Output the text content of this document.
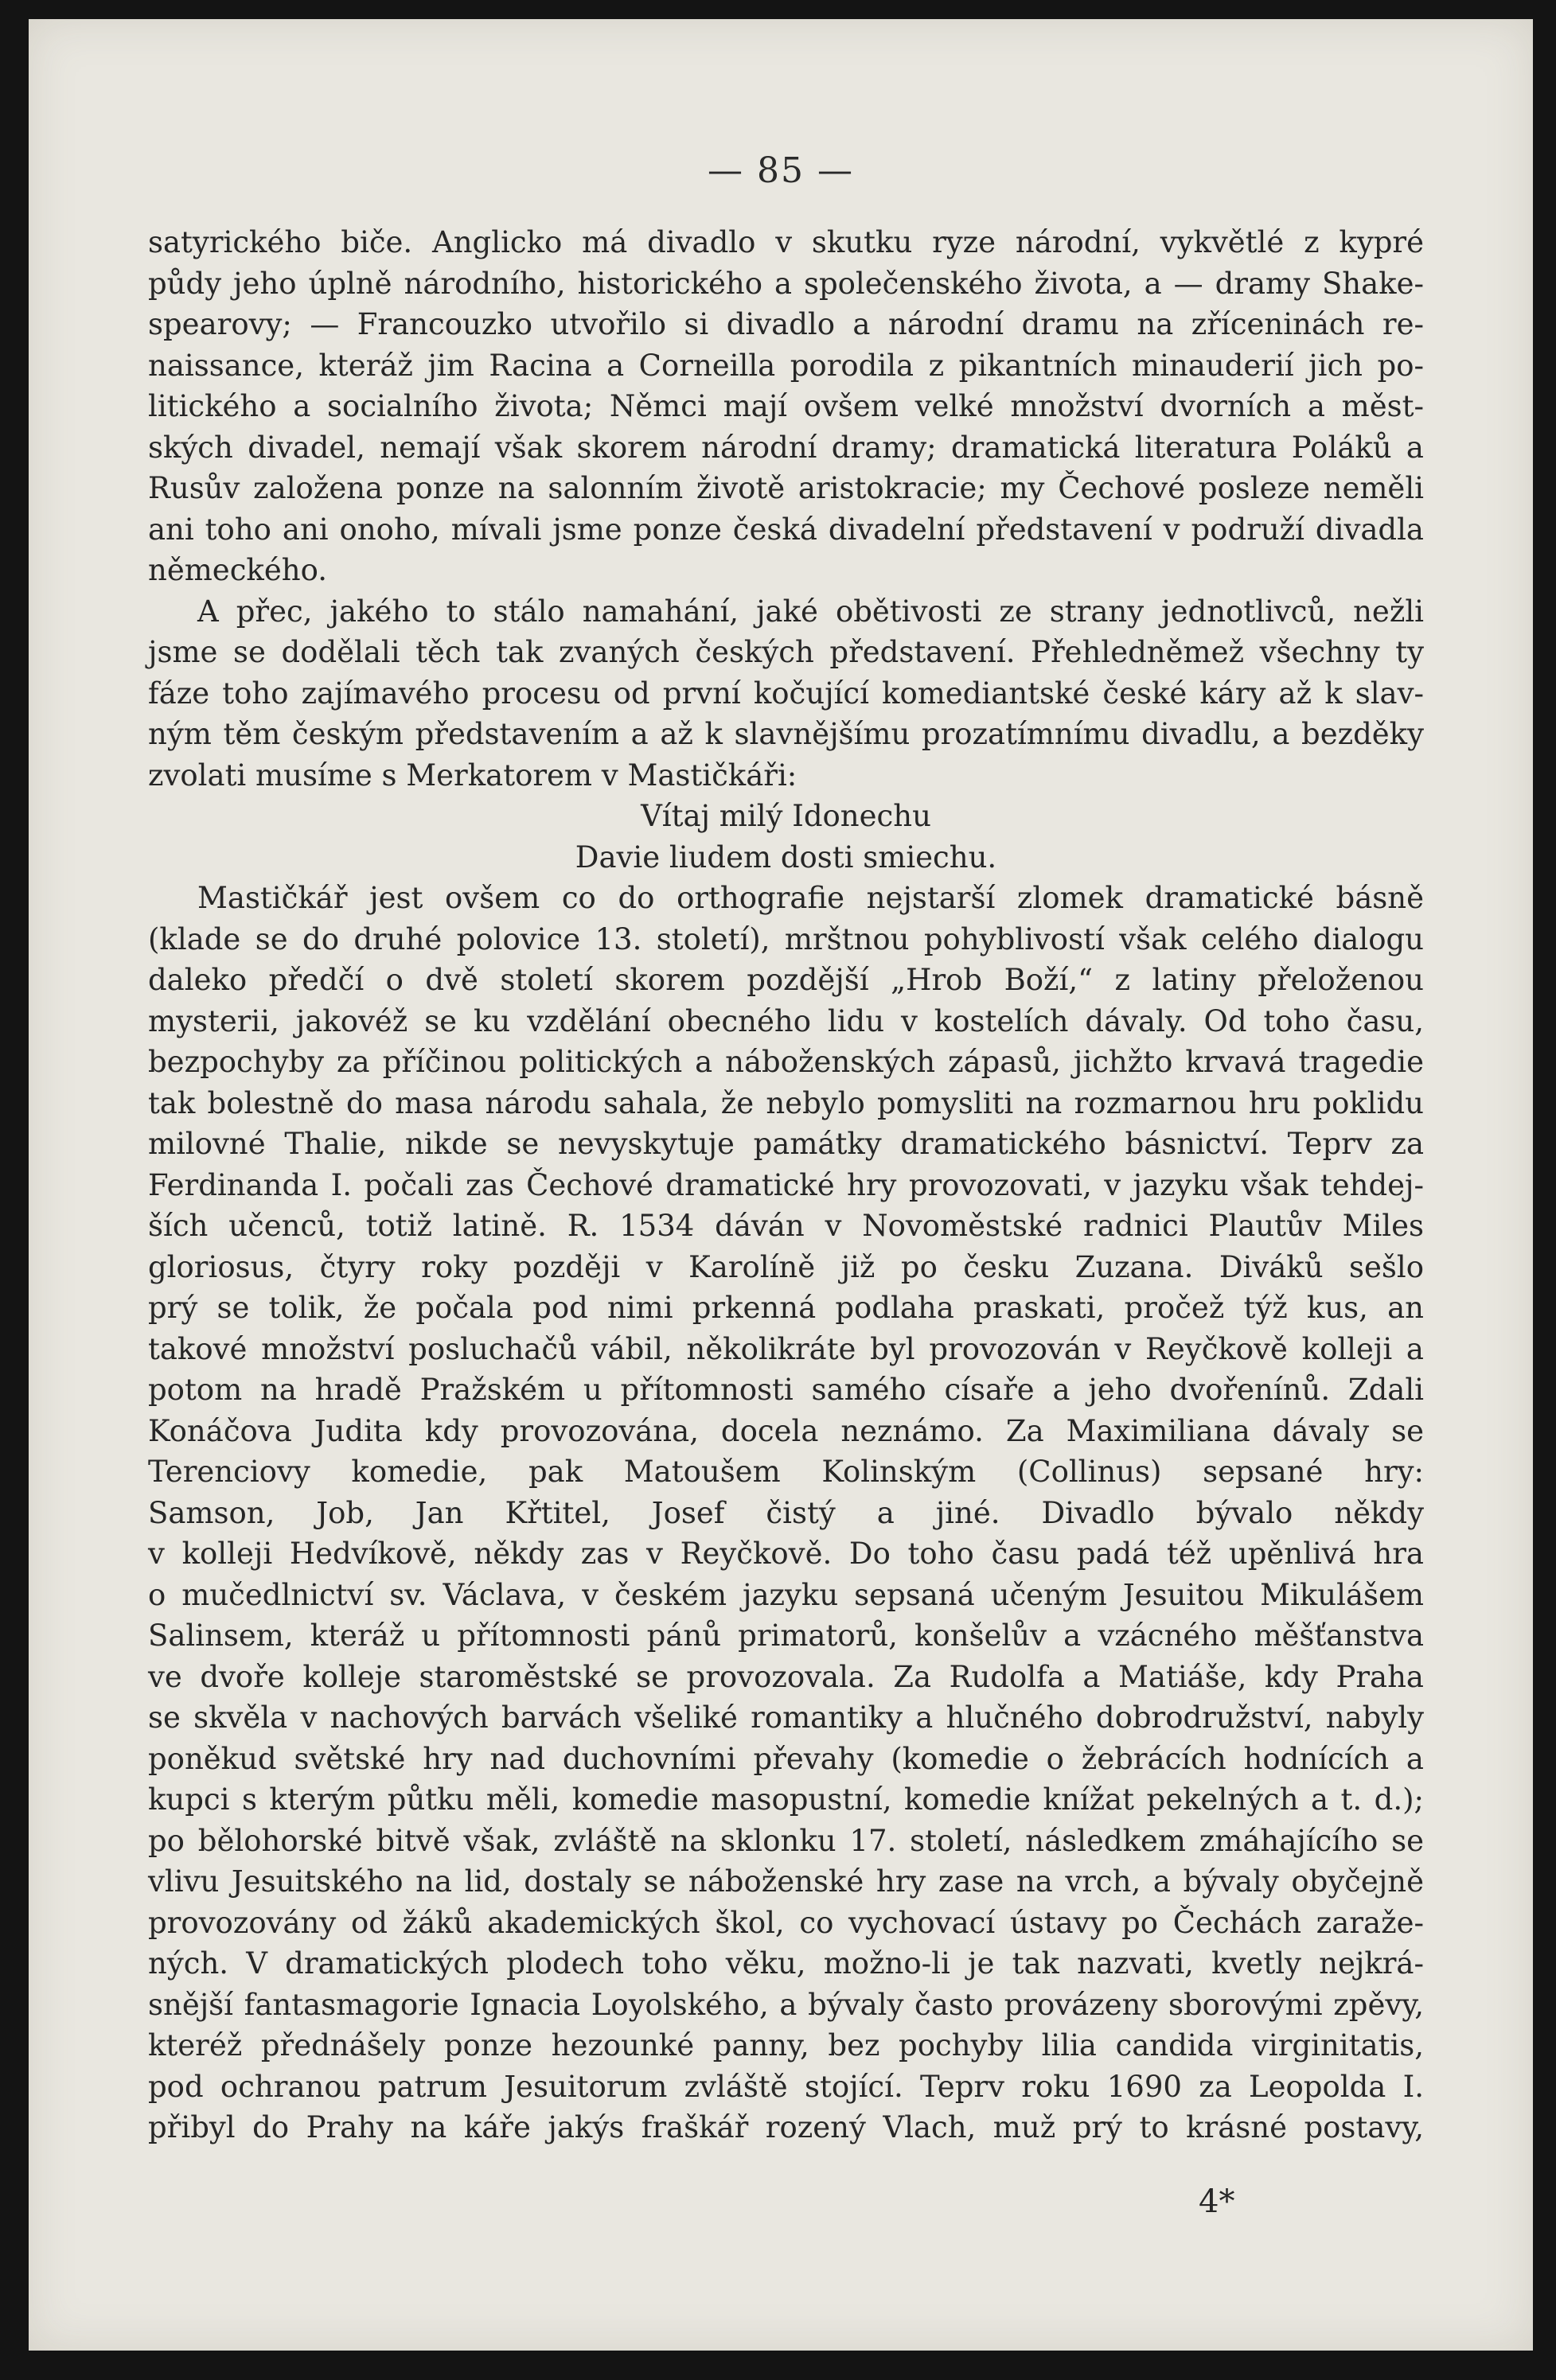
— 85 —
satyrického biče. Anglicko má divadlo v skutku ryze národní, vykvětlé z kypré
půdy jeho úplně národního, historického a společenského života, a — dramy Shake-
spearovy; — Francouzko utvořilo si divadlo a národní dramu na zříceninách re-
naissance, kteráž jim Racina a Corneilla porodila z pikantních minauderií jich po-
litického a socialního života; Němci mají ovšem velké množství dvorních a měst-
ských divadel, nemají však skorem národní dramy; dramatická literatura Poláků a
Rusův založena ponze na salonním životě aristokracie; my Čechové posleze neměli
ani toho ani onoho, mívali jsme ponze česká divadelní představení v podruží divadla
německého.
A přec, jakého to stálo namahání, jaké obětivosti ze strany jednotlivců, nežli
jsme se dodělali těch tak zvaných českých představení. Přehledněmež všechny ty
fáze toho zajímavého procesu od první kočující komediantské české káry až k slav-
ným těm českým představením a až k slavnějšímu prozatímnímu divadlu, a bezděky
zvolati musíme s Merkatorem v Mastičkáři:
Vítaj milý Idonechu
Davie liudem dosti smiechu.
Mastičkář jest ovšem co do orthografie nejstarší zlomek dramatické básně
(klade se do druhé polovice 13. století), mrštnou pohyblivostí však celého dialogu
daleko předčí o dvě století skorem pozdější „Hrob Boží,“ z latiny přeloženou
mysterii, jakovéž se ku vzdělání obecného lidu v kostelích dávaly. Od toho času,
bezpochyby za příčinou politických a náboženských zápasů, jichžto krvavá tragedie
tak bolestně do masa národu sahala, že nebylo pomysliti na rozmarnou hru poklidu
milovné Thalie, nikde se nevyskytuje památky dramatického básnictví. Teprv za
Ferdinanda I. počali zas Čechové dramatické hry provozovati, v jazyku však tehdej-
ších učenců, totiž latině. R. 1534 dáván v Novoměstské radnici Plautův Miles
gloriosus, čtyry roky později v Karolíně již po česku Zuzana. Diváků sešlo
prý se tolik, že počala pod nimi prkenná podlaha praskati, pročež týž kus, an
takové množství posluchačů vábil, několikráte byl provozován v Reyčkově kolleji a
potom na hradě Pražském u přítomnosti samého císaře a jeho dvořenínů. Zdali
Konáčova Judita kdy provozována, docela neznámo. Za Maximiliana dávaly se
Terenciovy komedie, pak Matoušem Kolinským (Collinus) sepsané hry:
Samson, Job, Jan Křtitel, Josef čistý a jiné. Divadlo bývalo někdy
v kolleji Hedvíkově, někdy zas v Reyčkově. Do toho času padá též upěnlivá hra
o mučedlnictví sv. Václava, v českém jazyku sepsaná učeným Jesuitou Mikulášem
Salinsem, kteráž u přítomnosti pánů primatorů, konšelův a vzácného měšťanstva
ve dvoře kolleje staroměstské se provozovala. Za Rudolfa a Matiáše, kdy Praha
se skvěla v nachových barvách všeliké romantiky a hlučného dobrodružství, nabyly
poněkud světské hry nad duchovními převahy (komedie o žebrácích hodnících a
kupci s kterým půtku měli, komedie masopustní, komedie knížat pekelných a t. d.);
po bělohorské bitvě však, zvláště na sklonku 17. století, následkem zmáhajícího se
vlivu Jesuitského na lid, dostaly se náboženské hry zase na vrch, a bývaly obyčejně
provozovány od žáků akademických škol, co vychovací ústavy po Čechách zaraže-
ných. V dramatických plodech toho věku, možno-li je tak nazvati, kvetly nejkrá-
snější fantasmagorie Ignacia Loyolského, a bývaly často provázeny sborovými zpěvy,
kteréž přednášely ponze hezounké panny, bez pochyby lilia candida virginitatis,
pod ochranou patrum Jesuitorum zvláště stojící. Teprv roku 1690 za Leopolda I.
přibyl do Prahy na káře jakýs fraškář rozený Vlach, muž prý to krásné postavy,
4*
